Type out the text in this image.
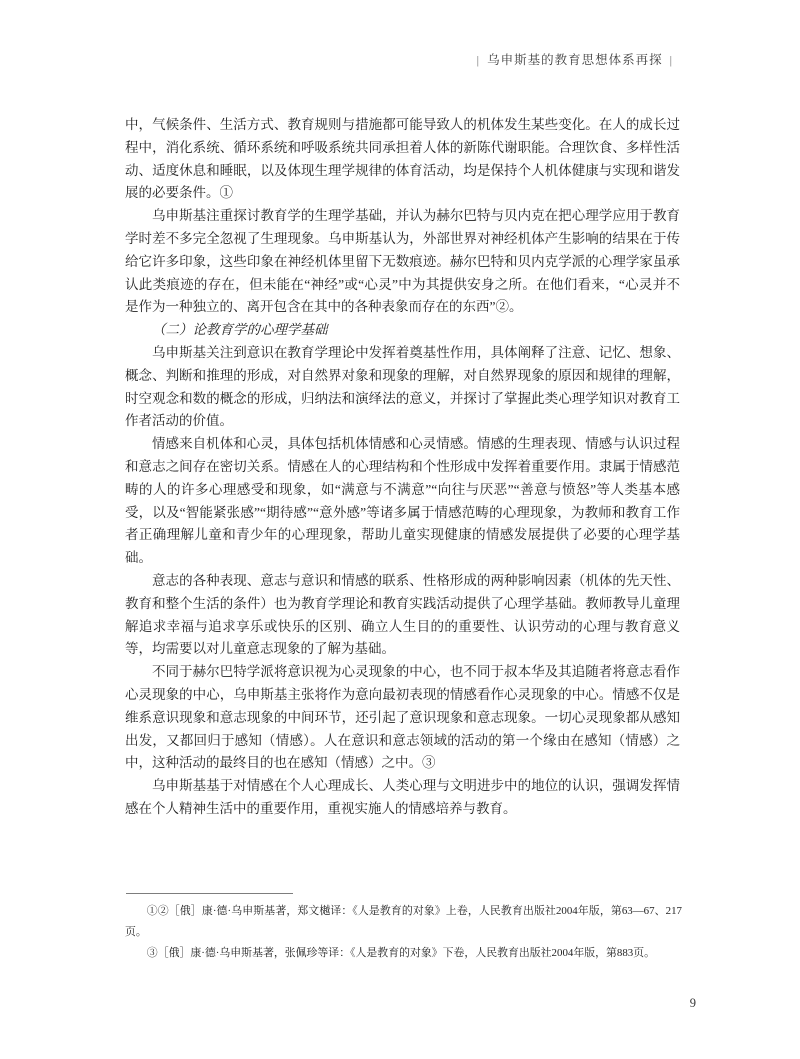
| 乌申斯基的教育思想体系再探 |

中，气候条件、生活方式、教育规则与措施都可能导致人的机体发生某些变化。在人的成长过程中，消化系统、循环系统和呼吸系统共同承担着人体的新陈代谢职能。合理饮食、多样性活动、适度休息和睡眠，以及体现生理学规律的体育活动，均是保持个人机体健康与实现和谐发展的必要条件。①

乌申斯基注重探讨教育学的生理学基础，并认为赫尔巴特与贝内克在把心理学应用于教育学时差不多完全忽视了生理现象。乌申斯基认为，外部世界对神经机体产生影响的结果在于传给它许多印象，这些印象在神经机体里留下无数痕迹。赫尔巴特和贝内克学派的心理学家虽承认此类痕迹的存在，但未能在“神经”或“心灵”中为其提供安身之所。在他们看来，“心灵并不是作为一种独立的、离开包含在其中的各种表象而存在的东西”②。

（二）论教育学的心理学基础

乌申斯基关注到意识在教育学理论中发挥着奠基性作用，具体阐释了注意、记忆、想象、概念、判断和推理的形成，对自然界对象和现象的理解，对自然界现象的原因和规律的理解，时空观念和数的概念的形成，归纳法和演绎法的意义，并探讨了掌握此类心理学知识对教育工作者活动的价值。

情感来自机体和心灵，具体包括机体情感和心灵情感。情感的生理表现、情感与认识过程和意志之间存在密切关系。情感在人的心理结构和个性形成中发挥着重要作用。隶属于情感范畴的人的许多心理感受和现象，如“满意与不满意”“向往与厌恶”“善意与愤怒”等人类基本感受，以及“智能紧张感”“期待感”“意外感”等诸多属于情感范畴的心理现象，为教师和教育工作者正确理解儿童和青少年的心理现象，帮助儿童实现健康的情感发展提供了必要的心理学基础。

意志的各种表现、意志与意识和情感的联系、性格形成的两种影响因素（机体的先天性、教育和整个生活的条件）也为教育学理论和教育实践活动提供了心理学基础。教师教导儿童理解追求幸福与追求享乐或快乐的区别、确立人生目的的重要性、认识劳动的心理与教育意义等，均需要以对儿童意志现象的了解为基础。

不同于赫尔巴特学派将意识视为心灵现象的中心，也不同于叔本华及其追随者将意志看作心灵现象的中心，乌申斯基主张将作为意向最初表现的情感看作心灵现象的中心。情感不仅是维系意识现象和意志现象的中间环节，还引起了意识现象和意志现象。一切心灵现象都从感知出发，又都回归于感知（情感）。人在意识和意志领域的活动的第一个缘由在感知（情感）之中，这种活动的最终目的也在感知（情感）之中。③

乌申斯基基于对情感在个人心理成长、人类心理与文明进步中的地位的认识，强调发挥情感在个人精神生活中的重要作用，重视实施人的情感培养与教育。

①②［俄］康·德·乌申斯基著，郑文樾译：《人是教育的对象》上卷，人民教育出版社2004年版，第63—67、217页。

③［俄］康·德·乌申斯基著，张佩珍等译：《人是教育的对象》下卷，人民教育出版社2004年版，第883页。

9
